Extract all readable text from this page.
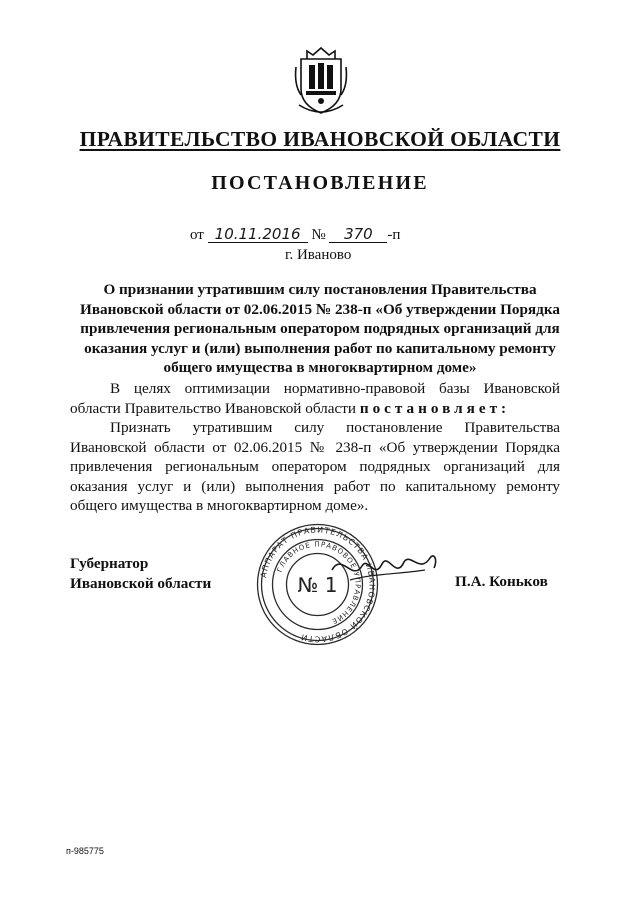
ПРАВИТЕЛЬСТВО ИВАНОВСКОЙ ОБЛАСТИ
ПОСТАНОВЛЕНИЕ
от 10.11.2016 № 370 -п
г. Иваново
О признании утратившим силу постановления Правительства Ивановской области от 02.06.2015 № 238-п «Об утверждении Порядка привлечения региональным оператором подрядных организаций для оказания услуг и (или) выполнения работ по капитальному ремонту общего имущества в многоквартирном доме»
В целях оптимизации нормативно-правовой базы Ивановской области Правительство Ивановской области постановляет:
Признать утратившим силу постановление Правительства Ивановской области от 02.06.2015 № 238-п «Об утверждении Порядка привлечения региональным оператором подрядных организаций для оказания услуг и (или) выполнения работ по капитальному ремонту общего имущества в многоквартирном доме».
Губернатор
Ивановской области
АППАРАТ ПРАВИТЕЛЬСТВА ИВАНОВСКОЙ ОБЛАСТИ
ГЛАВНОЕ ПРАВОВОЕ УПРАВЛЕНИЕ
№ 1	П.А. Коньков
п-985775
